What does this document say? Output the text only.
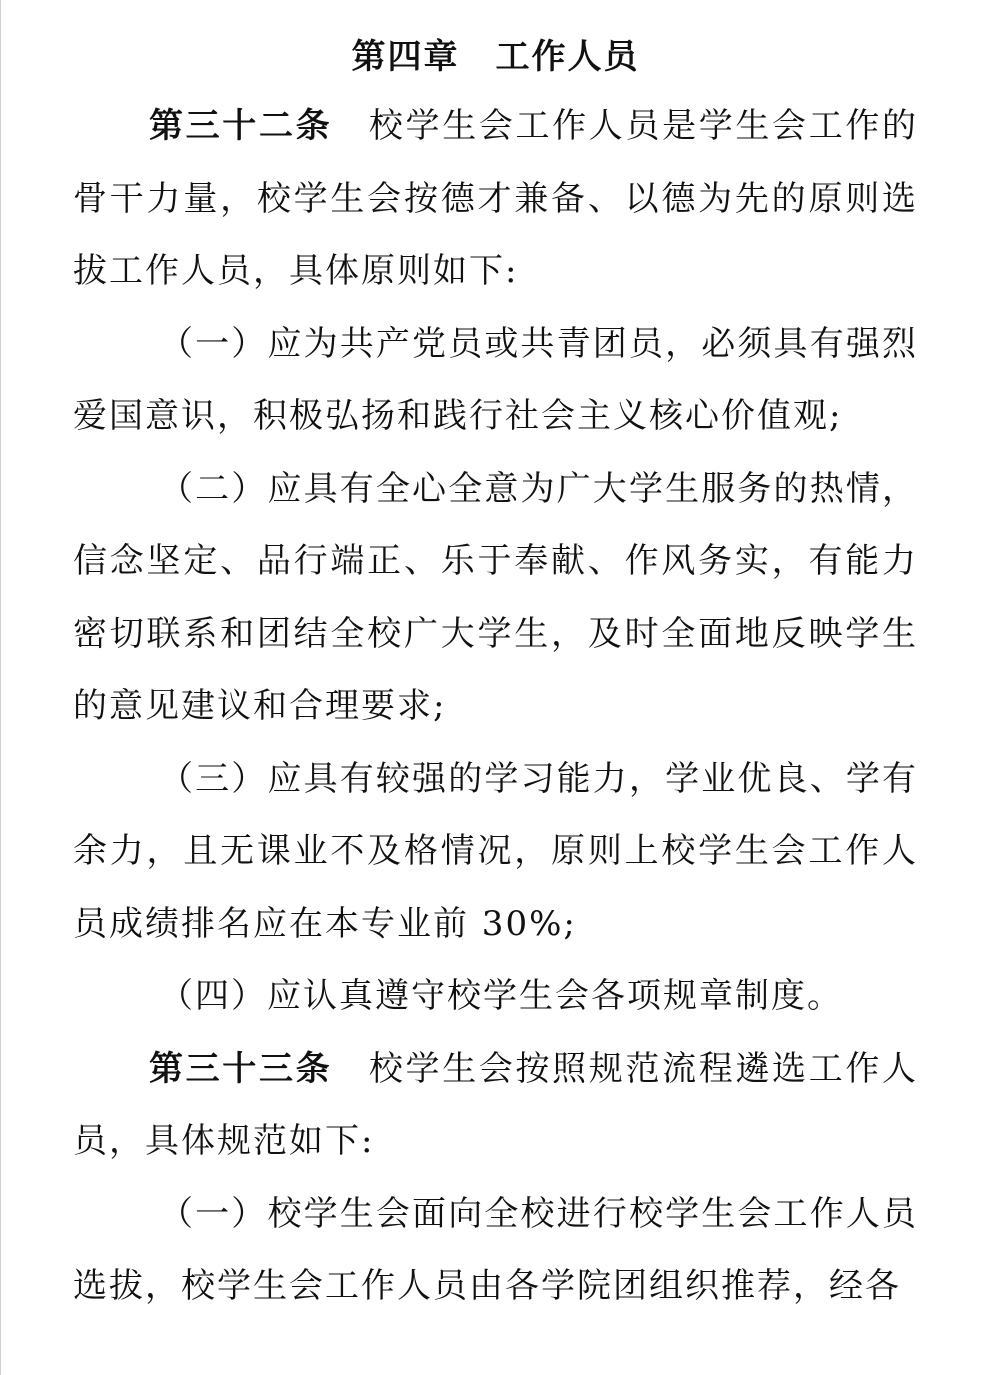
第四章　工作人员

第三十二条　校学生会工作人员是学生会工作的骨干力量，校学生会按德才兼备、以德为先的原则选拔工作人员，具体原则如下:

（一）应为共产党员或共青团员，必须具有强烈爱国意识，积极弘扬和践行社会主义核心价值观;

（二）应具有全心全意为广大学生服务的热情，信念坚定、品行端正、乐于奉献、作风务实，有能力密切联系和团结全校广大学生，及时全面地反映学生的意见建议和合理要求;

（三）应具有较强的学习能力，学业优良、学有余力，且无课业不及格情况，原则上校学生会工作人员成绩排名应在本专业前 30%;

（四）应认真遵守校学生会各项规章制度。

第三十三条　校学生会按照规范流程遴选工作人员，具体规范如下:

（一）校学生会面向全校进行校学生会工作人员选拔，校学生会工作人员由各学院团组织推荐，经各
